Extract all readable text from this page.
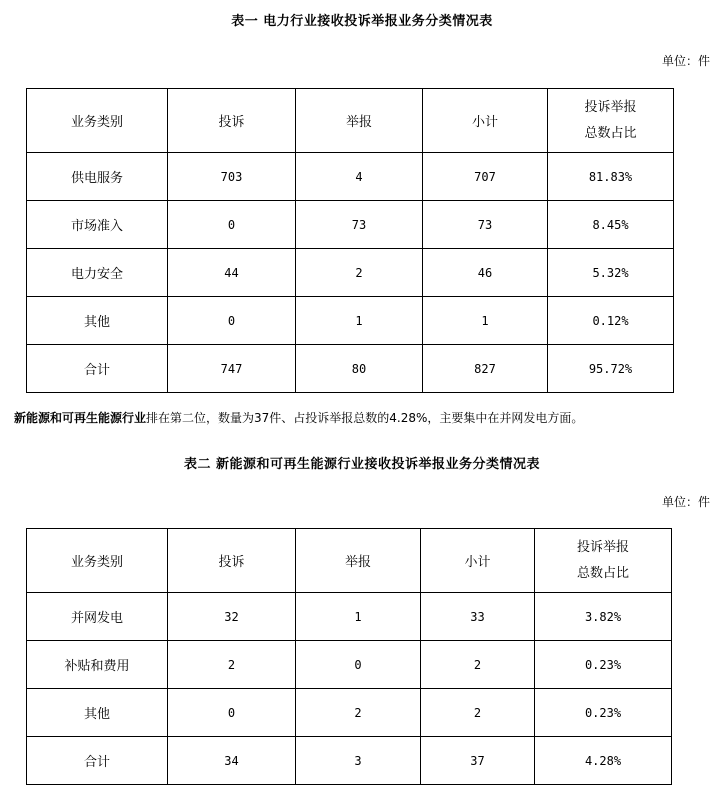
表一 电力行业接收投诉举报业务分类情况表
单位：件
业务类别	投诉	举报	小计	投诉举报
总数占比

供电服务	703	4	707	81.83%
市场准入	0	73	73	8.45%
电力安全	44	2	46	5.32%
其他	0	1	1	0.12%
合计	747	80	827	95.72%
新能源和可再生能源行业排在第二位，数量为37件、占投诉举报总数的4.28%，主要集中在并网发电方面。
表二 新能源和可再生能源行业接收投诉举报业务分类情况表
单位：件
业务类别	投诉	举报	小计	投诉举报
总数占比

并网发电	32	1	33	3.82%
补贴和费用	2	0	2	0.23%
其他	0	2	2	0.23%
合计	34	3	37	4.28%
